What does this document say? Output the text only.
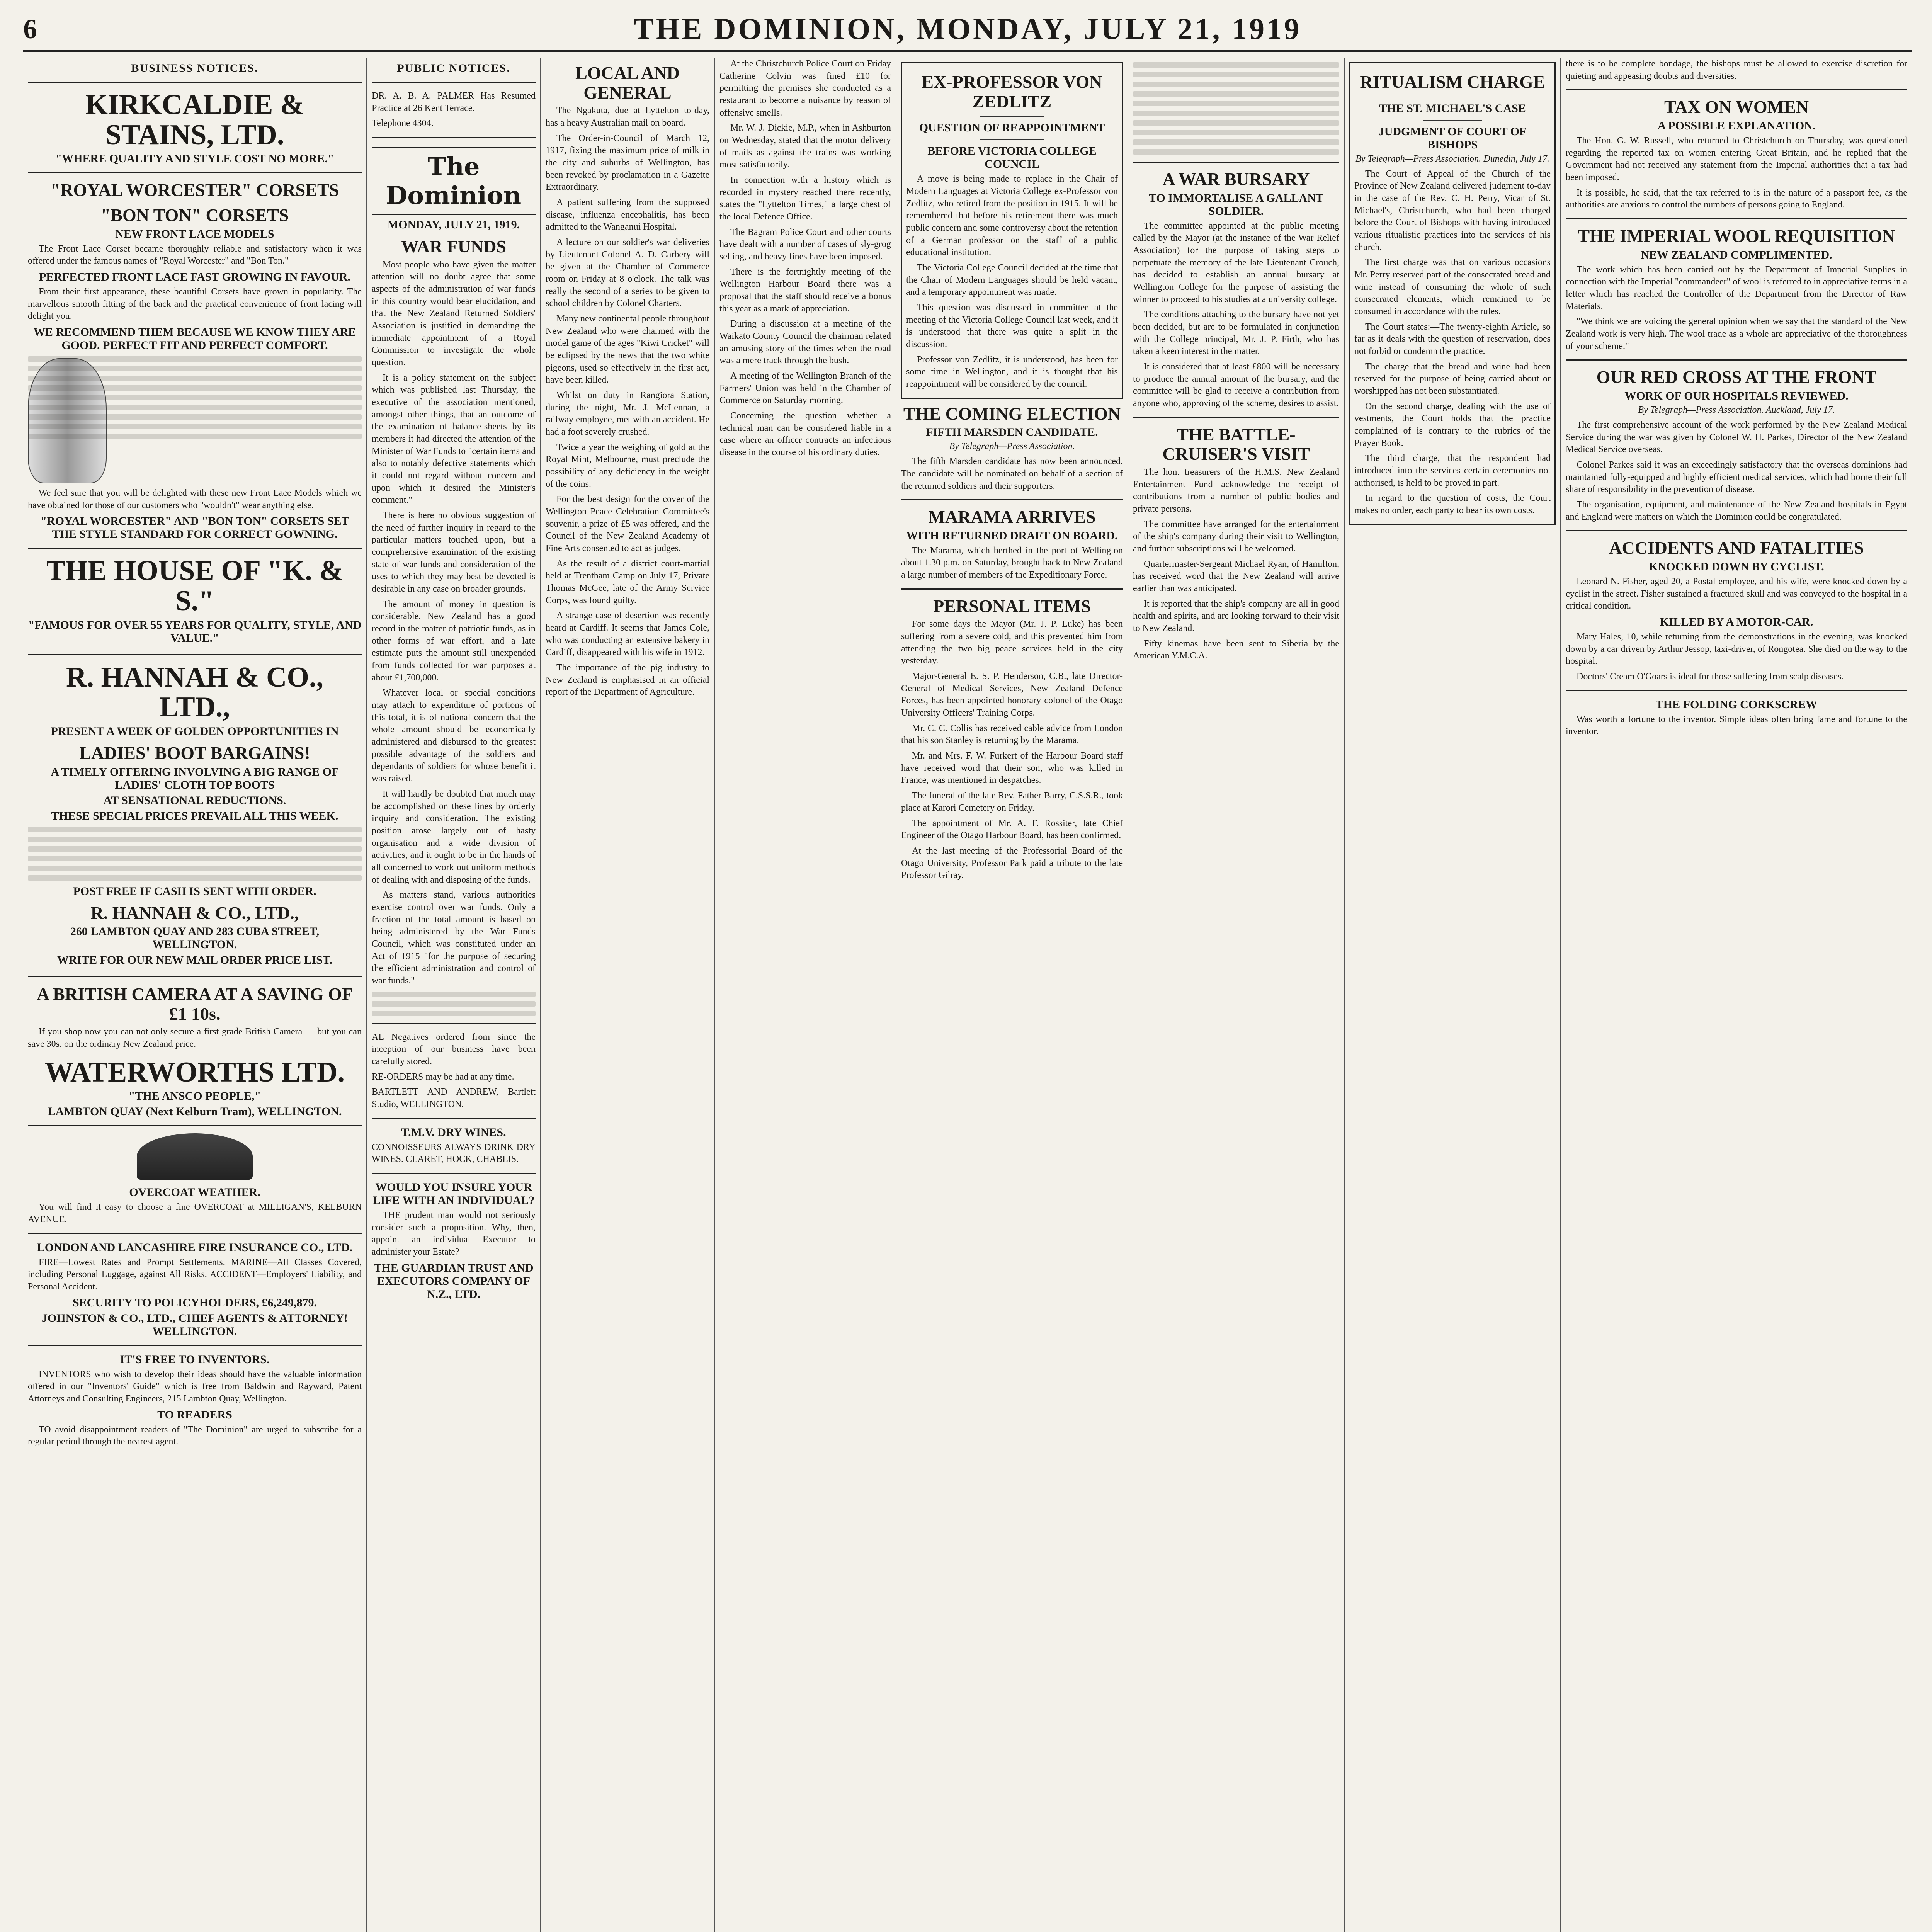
6	THE DOMINION, MONDAY, JULY 21, 1919
BUSINESS NOTICES.
KIRKCALDIE & STAINS, LTD.
"WHERE QUALITY AND STYLE COST NO MORE."
"ROYAL WORCESTER" CORSETS
"BON TON" CORSETS
NEW FRONT LACE MODELS

The Front Lace Corset became thoroughly reliable and satisfactory when it was offered under the famous names of "Royal Worcester" and "Bon Ton."

PERFECTED FRONT LACE FAST GROWING IN FAVOUR.

From their first appearance, these beautiful Corsets have grown in popularity. The marvellous smooth fitting of the back and the practical convenience of front lacing will delight you.

WE RECOMMEND THEM BECAUSE WE KNOW THEY ARE GOOD. PERFECT FIT AND PERFECT COMFORT.

We feel sure that you will be delighted with these new Front Lace Models which we have obtained for those of our customers who "wouldn't" wear anything else.

"ROYAL WORCESTER" AND "BON TON" CORSETS SET THE STYLE STANDARD FOR CORRECT GOWNING.
THE HOUSE OF "K. & S."
"FAMOUS FOR OVER 55 YEARS FOR QUALITY, STYLE, AND VALUE."
R. HANNAH & CO., LTD.,
PRESENT A WEEK OF GOLDEN OPPORTUNITIES IN
LADIES' BOOT BARGAINS!
A TIMELY OFFERING INVOLVING A BIG RANGE OF LADIES' CLOTH TOP BOOTS
AT SENSATIONAL REDUCTIONS.
THESE SPECIAL PRICES PREVAIL ALL THIS WEEK.
POST FREE IF CASH IS SENT WITH ORDER.
R. HANNAH & CO., LTD.,
260 LAMBTON QUAY AND 283 CUBA STREET, WELLINGTON.
WRITE FOR OUR NEW MAIL ORDER PRICE LIST.
A BRITISH CAMERA AT A SAVING OF £1 10s.

If you shop now you can not only secure a first-grade British Camera — but you can save 30s. on the ordinary New Zealand price.

WATERWORTHS LTD.
"THE ANSCO PEOPLE,"
LAMBTON QUAY (Next Kelburn Tram), WELLINGTON.
OVERCOAT WEATHER.

You will find it easy to choose a fine OVERCOAT at MILLIGAN'S, KELBURN AVENUE.

LONDON AND LANCASHIRE FIRE INSURANCE CO., LTD.

FIRE—Lowest Rates and Prompt Settlements. MARINE—All Classes Covered, including Personal Luggage, against All Risks. ACCIDENT—Employers' Liability, and Personal Accident.

SECURITY TO POLICYHOLDERS, £6,249,879.
JOHNSTON & CO., LTD., CHIEF AGENTS & ATTORNEY! WELLINGTON.
IT'S FREE TO INVENTORS.

INVENTORS who wish to develop their ideas should have the valuable information offered in our "Inventors' Guide" which is free from Baldwin and Rayward, Patent Attorneys and Consulting Engineers, 215 Lambton Quay, Wellington.

TO READERS

TO avoid disappointment readers of "The Dominion" are urged to subscribe for a regular period through the nearest agent.

PUBLIC NOTICES.

DR. A. B. A. PALMER Has Resumed Practice at 26 Kent Terrace.

Telephone 4304.

The Dominion
MONDAY, JULY 21, 1919.
WAR FUNDS

Most people who have given the matter attention will no doubt agree that some aspects of the administration of war funds in this country would bear elucidation, and that the New Zealand Returned Soldiers' Association is justified in demanding the immediate appointment of a Royal Commission to investigate the whole question.

It is a policy statement on the subject which was published last Thursday, the executive of the association mentioned, amongst other things, that an outcome of the examination of balance-sheets by its members it had directed the attention of the Minister of War Funds to "certain items and also to notably defective statements which it could not regard without concern and upon which it desired the Minister's comment."

There is here no obvious suggestion of the need of further inquiry in regard to the particular matters touched upon, but a comprehensive examination of the existing state of war funds and consideration of the uses to which they may best be devoted is desirable in any case on broader grounds.

The amount of money in question is considerable. New Zealand has a good record in the matter of patriotic funds, as in other forms of war effort, and a late estimate puts the amount still unexpended from funds collected for war purposes at about £1,700,000.

Whatever local or special conditions may attach to expenditure of portions of this total, it is of national concern that the whole amount should be economically administered and disbursed to the greatest possible advantage of the soldiers and dependants of soldiers for whose benefit it was raised.

It will hardly be doubted that much may be accomplished on these lines by orderly inquiry and consideration. The existing position arose largely out of hasty organisation and a wide division of activities, and it ought to be in the hands of all concerned to work out uniform methods of dealing with and disposing of the funds.

As matters stand, various authorities exercise control over war funds. Only a fraction of the total amount is based on being administered by the War Funds Council, which was constituted under an Act of 1915 "for the purpose of securing the efficient administration and control of war funds."

AL Negatives ordered from since the inception of our business have been carefully stored.

RE-ORDERS may be had at any time.

BARTLETT AND ANDREW, Bartlett Studio, WELLINGTON.

T.M.V. DRY WINES.

CONNOISSEURS ALWAYS DRINK DRY WINES. CLARET, HOCK, CHABLIS.

WOULD YOU INSURE YOUR LIFE WITH AN INDIVIDUAL?

THE prudent man would not seriously consider such a proposition. Why, then, appoint an individual Executor to administer your Estate?

THE GUARDIAN TRUST AND EXECUTORS COMPANY OF N.Z., LTD.
LOCAL AND GENERAL

The Ngakuta, due at Lyttelton to-day, has a heavy Australian mail on board.

The Order-in-Council of March 12, 1917, fixing the maximum price of milk in the city and suburbs of Wellington, has been revoked by proclamation in a Gazette Extraordinary.

A patient suffering from the supposed disease, influenza encephalitis, has been admitted to the Wanganui Hospital.

A lecture on our soldier's war deliveries by Lieutenant-Colonel A. D. Carbery will be given at the Chamber of Commerce room on Friday at 8 o'clock. The talk was really the second of a series to be given to school children by Colonel Charters.

Many new continental people throughout New Zealand who were charmed with the model game of the ages "Kiwi Cricket" will be eclipsed by the news that the two white pigeons, used so effectively in the first act, have been killed.

Whilst on duty in Rangiora Station, during the night, Mr. J. McLennan, a railway employee, met with an accident. He had a foot severely crushed.

Twice a year the weighing of gold at the Royal Mint, Melbourne, must preclude the possibility of any deficiency in the weight of the coins.

For the best design for the cover of the Wellington Peace Celebration Committee's souvenir, a prize of £5 was offered, and the Council of the New Zealand Academy of Fine Arts consented to act as judges.

As the result of a district court-martial held at Trentham Camp on July 17, Private Thomas McGee, late of the Army Service Corps, was found guilty.

A strange case of desertion was recently heard at Cardiff. It seems that James Cole, who was conducting an extensive bakery in Cardiff, disappeared with his wife in 1912.

The importance of the pig industry to New Zealand is emphasised in an official report of the Department of Agriculture.

At the Christchurch Police Court on Friday Catherine Colvin was fined £10 for permitting the premises she conducted as a restaurant to become a nuisance by reason of offensive smells.

Mr. W. J. Dickie, M.P., when in Ashburton on Wednesday, stated that the motor delivery of mails as against the trains was working most satisfactorily.

In connection with a history which is recorded in mystery reached there recently, states the "Lyttelton Times," a large chest of the local Defence Office.

The Bagram Police Court and other courts have dealt with a number of cases of sly-grog selling, and heavy fines have been imposed.

There is the fortnightly meeting of the Wellington Harbour Board there was a proposal that the staff should receive a bonus this year as a mark of appreciation.

During a discussion at a meeting of the Waikato County Council the chairman related an amusing story of the times when the road was a mere track through the bush.

A meeting of the Wellington Branch of the Farmers' Union was held in the Chamber of Commerce on Saturday morning.

Concerning the question whether a technical man can be considered liable in a case where an officer contracts an infectious disease in the course of his ordinary duties.

EX-PROFESSOR VON ZEDLITZ
QUESTION OF REAPPOINTMENT
BEFORE VICTORIA COLLEGE COUNCIL

A move is being made to replace in the Chair of Modern Languages at Victoria College ex-Professor von Zedlitz, who retired from the position in 1915. It will be remembered that before his retirement there was much public concern and some controversy about the retention of a German professor on the staff of a public educational institution.

The Victoria College Council decided at the time that the Chair of Modern Languages should be held vacant, and a temporary appointment was made.

This question was discussed in committee at the meeting of the Victoria College Council last week, and it is understood that there was quite a split in the discussion.

Professor von Zedlitz, it is understood, has been for some time in Wellington, and it is thought that his reappointment will be considered by the council.

THE COMING ELECTION
FIFTH MARSDEN CANDIDATE.
By Telegraph—Press Association.

The fifth Marsden candidate has now been announced. The candidate will be nominated on behalf of a section of the returned soldiers and their supporters.

MARAMA ARRIVES
WITH RETURNED DRAFT ON BOARD.

The Marama, which berthed in the port of Wellington about 1.30 p.m. on Saturday, brought back to New Zealand a large number of members of the Expeditionary Force.

PERSONAL ITEMS

For some days the Mayor (Mr. J. P. Luke) has been suffering from a severe cold, and this prevented him from attending the two big peace services held in the city yesterday.

Major-General E. S. P. Henderson, C.B., late Director-General of Medical Services, New Zealand Defence Forces, has been appointed honorary colonel of the Otago University Officers' Training Corps.

Mr. C. C. Collis has received cable advice from London that his son Stanley is returning by the Marama.

Mr. and Mrs. F. W. Furkert of the Harbour Board staff have received word that their son, who was killed in France, was mentioned in despatches.

The funeral of the late Rev. Father Barry, C.S.S.R., took place at Karori Cemetery on Friday.

The appointment of Mr. A. F. Rossiter, late Chief Engineer of the Otago Harbour Board, has been confirmed.

At the last meeting of the Professorial Board of the Otago University, Professor Park paid a tribute to the late Professor Gilray.

A WAR BURSARY
TO IMMORTALISE A GALLANT SOLDIER.

The committee appointed at the public meeting called by the Mayor (at the instance of the War Relief Association) for the purpose of taking steps to perpetuate the memory of the late Lieutenant Crouch, has decided to establish an annual bursary at Wellington College for the purpose of assisting the winner to proceed to his studies at a university college.

The conditions attaching to the bursary have not yet been decided, but are to be formulated in conjunction with the College principal, Mr. J. P. Firth, who has taken a keen interest in the matter.

It is considered that at least £800 will be necessary to produce the annual amount of the bursary, and the committee will be glad to receive a contribution from anyone who, approving of the scheme, desires to assist.

THE BATTLE-CRUISER'S VISIT

The hon. treasurers of the H.M.S. New Zealand Entertainment Fund acknowledge the receipt of contributions from a number of public bodies and private persons.

The committee have arranged for the entertainment of the ship's company during their visit to Wellington, and further subscriptions will be welcomed.

Quartermaster-Sergeant Michael Ryan, of Hamilton, has received word that the New Zealand will arrive earlier than was anticipated.

It is reported that the ship's company are all in good health and spirits, and are looking forward to their visit to New Zealand.

Fifty kinemas have been sent to Siberia by the American Y.M.C.A.

RITUALISM CHARGE
THE ST. MICHAEL'S CASE
JUDGMENT OF COURT OF BISHOPS
By Telegraph—Press Association. Dunedin, July 17.

The Court of Appeal of the Church of the Province of New Zealand delivered judgment to-day in the case of the Rev. C. H. Perry, Vicar of St. Michael's, Christchurch, who had been charged before the Court of Bishops with having introduced various ritualistic practices into the services of his church.

The first charge was that on various occasions Mr. Perry reserved part of the consecrated bread and wine instead of consuming the whole of such consecrated elements, which remained to be consumed in accordance with the rules.

The Court states:—The twenty-eighth Article, so far as it deals with the question of reservation, does not forbid or condemn the practice.

The charge that the bread and wine had been reserved for the purpose of being carried about or worshipped has not been substantiated.

On the second charge, dealing with the use of vestments, the Court holds that the practice complained of is contrary to the rubrics of the Prayer Book.

The third charge, that the respondent had introduced into the services certain ceremonies not authorised, is held to be proved in part.

In regard to the question of costs, the Court makes no order, each party to bear its own costs.

there is to be complete bondage, the bishops must be allowed to exercise discretion for quieting and appeasing doubts and diversities.

TAX ON WOMEN
A POSSIBLE EXPLANATION.

The Hon. G. W. Russell, who returned to Christchurch on Thursday, was questioned regarding the reported tax on women entering Great Britain, and he replied that the Government had not received any statement from the Imperial authorities that a tax had been imposed.

It is possible, he said, that the tax referred to is in the nature of a passport fee, as the authorities are anxious to control the numbers of persons going to England.

THE IMPERIAL WOOL REQUISITION
NEW ZEALAND COMPLIMENTED.

The work which has been carried out by the Department of Imperial Supplies in connection with the Imperial "commandeer" of wool is referred to in appreciative terms in a letter which has reached the Controller of the Department from the Director of Raw Materials.

"We think we are voicing the general opinion when we say that the standard of the New Zealand work is very high. The wool trade as a whole are appreciative of the thoroughness of your scheme."

OUR RED CROSS AT THE FRONT
WORK OF OUR HOSPITALS REVIEWED.
By Telegraph—Press Association. Auckland, July 17.

The first comprehensive account of the work performed by the New Zealand Medical Service during the war was given by Colonel W. H. Parkes, Director of the New Zealand Medical Service overseas.

Colonel Parkes said it was an exceedingly satisfactory that the overseas dominions had maintained fully-equipped and highly efficient medical services, which had borne their full share of responsibility in the prevention of disease.

The organisation, equipment, and maintenance of the New Zealand hospitals in Egypt and England were matters on which the Dominion could be congratulated.

ACCIDENTS AND FATALITIES
KNOCKED DOWN BY CYCLIST.

Leonard N. Fisher, aged 20, a Postal employee, and his wife, were knocked down by a cyclist in the street. Fisher sustained a fractured skull and was conveyed to the hospital in a critical condition.

KILLED BY A MOTOR-CAR.

Mary Hales, 10, while returning from the demonstrations in the evening, was knocked down by a car driven by Arthur Jessop, taxi-driver, of Rongotea. She died on the way to the hospital.

Doctors' Cream O'Goars is ideal for those suffering from scalp diseases.

THE FOLDING CORKSCREW

Was worth a fortune to the inventor. Simple ideas often bring fame and fortune to the inventor.
